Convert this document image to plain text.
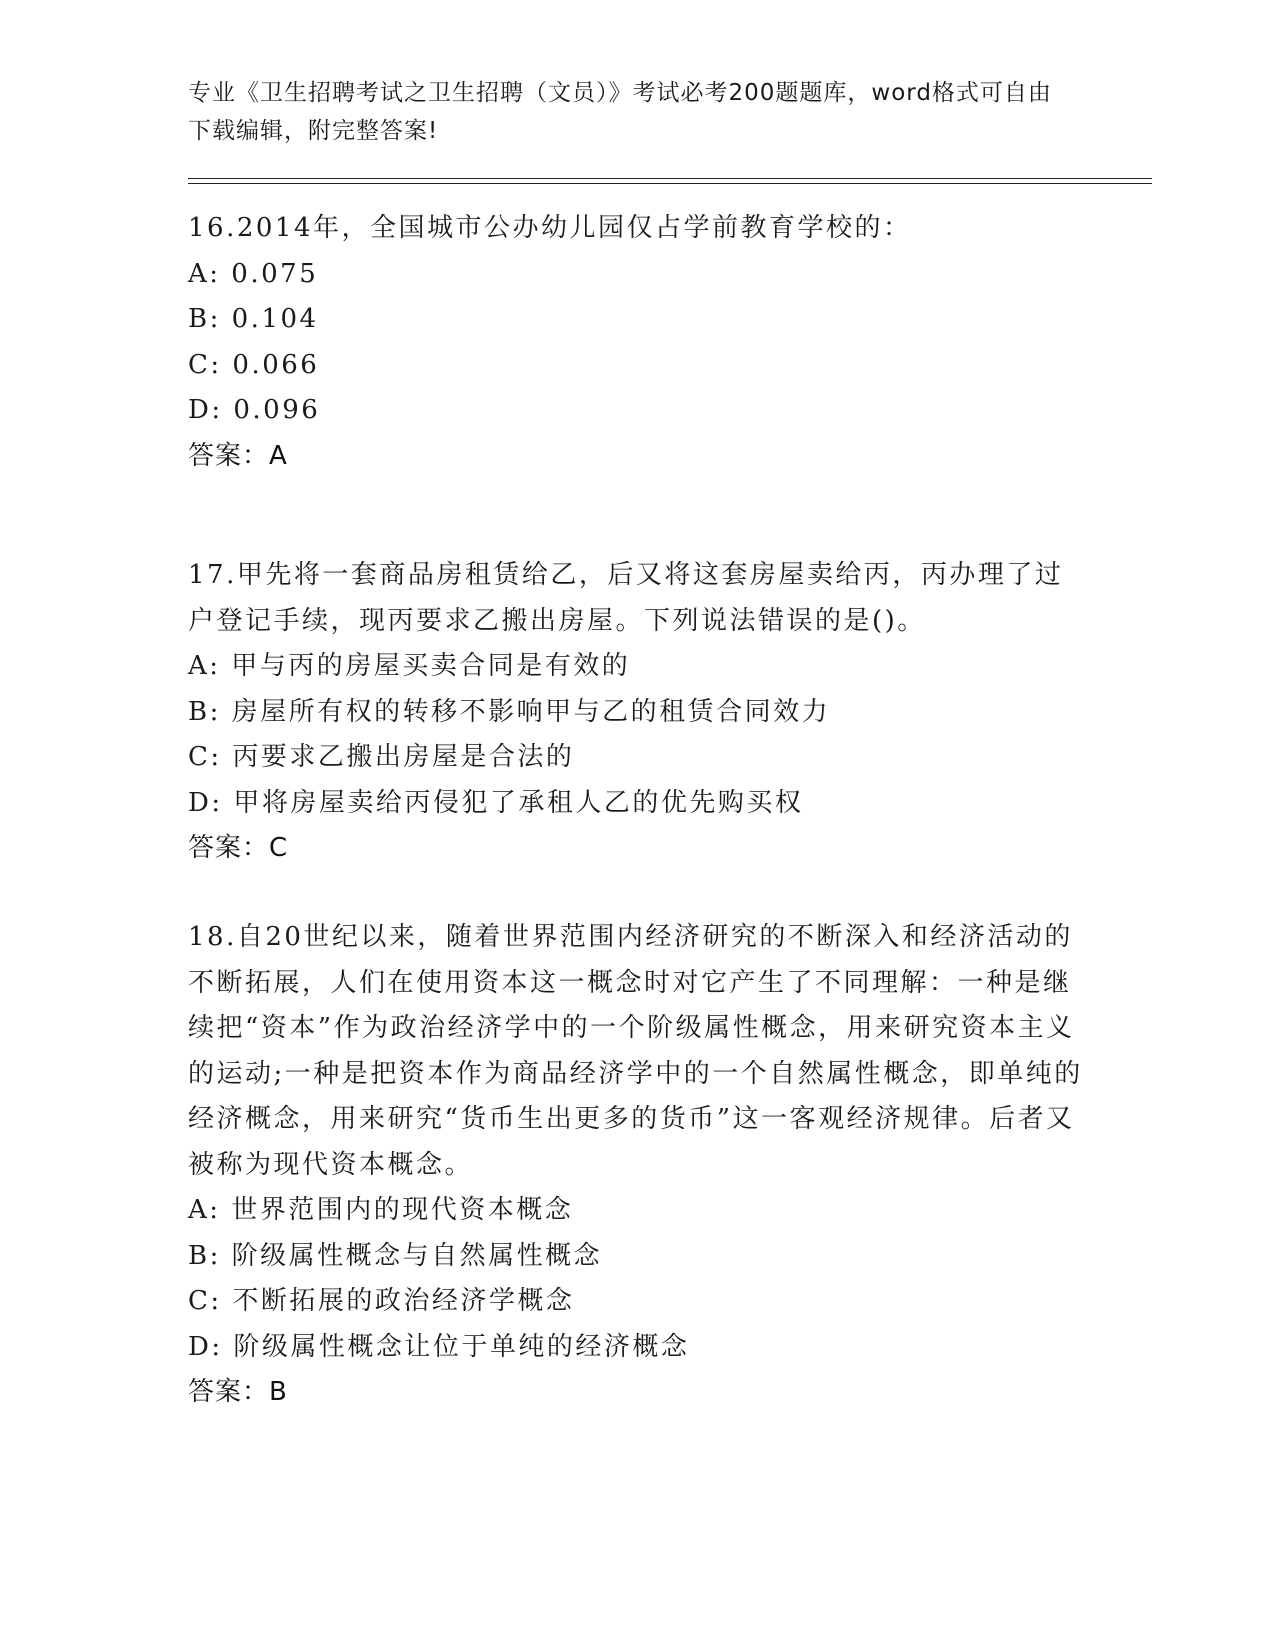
专业《卫生招聘考试之卫生招聘（文员）》考试必考200题题库，word格式可自由下载编辑，附完整答案!

16.2014年，全国城市公办幼儿园仅占学前教育学校的：

A: 0.075

B: 0.104

C: 0.066

D: 0.096

答案：A

17.甲先将一套商品房租赁给乙，后又将这套房屋卖给丙，丙办理了过户登记手续，现丙要求乙搬出房屋。下列说法错误的是()。

A: 甲与丙的房屋买卖合同是有效的

B: 房屋所有权的转移不影响甲与乙的租赁合同效力

C: 丙要求乙搬出房屋是合法的

D: 甲将房屋卖给丙侵犯了承租人乙的优先购买权

答案：C

18.自20世纪以来，随着世界范围内经济研究的不断深入和经济活动的不断拓展，人们在使用资本这一概念时对它产生了不同理解：一种是继续把“资本”作为政治经济学中的一个阶级属性概念，用来研究资本主义的运动;一种是把资本作为商品经济学中的一个自然属性概念，即单纯的经济概念，用来研究“货币生出更多的货币”这一客观经济规律。后者又被称为现代资本概念。

A: 世界范围内的现代资本概念

B: 阶级属性概念与自然属性概念

C: 不断拓展的政治经济学概念

D: 阶级属性概念让位于单纯的经济概念

答案：B
